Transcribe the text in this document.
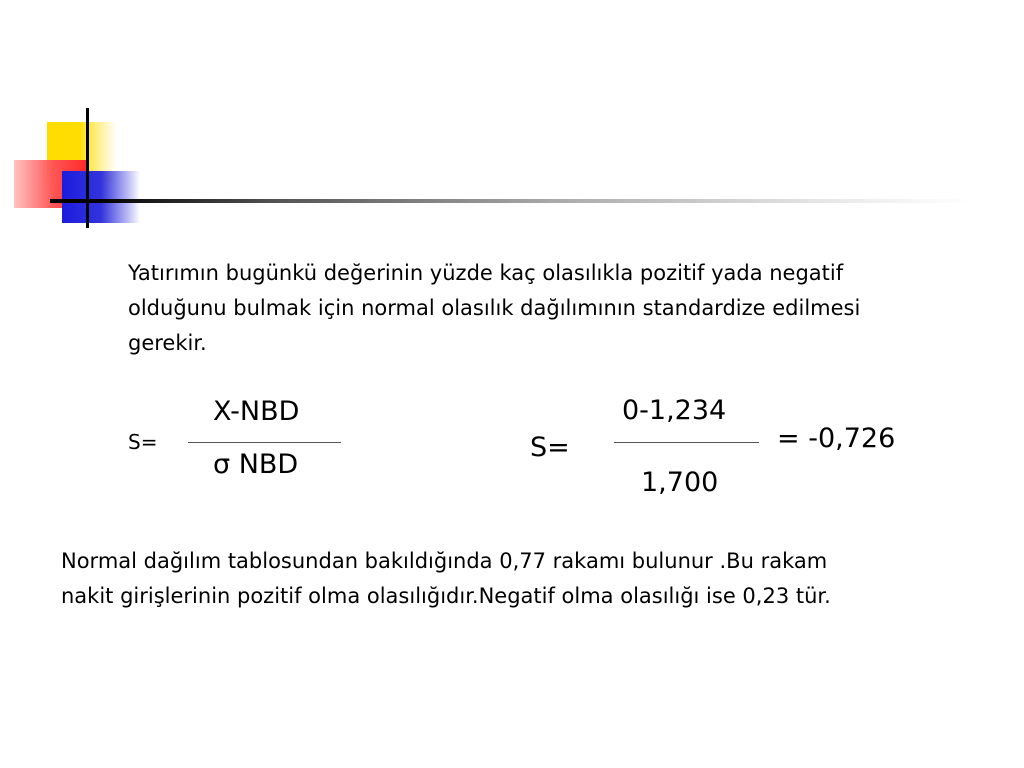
Yatırımın bugünkü değerinin yüzde kaç olasılıkla pozitif yada negatif

olduğunu bulmak için normal olasılık dağılımının standardize edilmesi

gerekir.

S=
X-NBD
σ NBD
S=
0-1,234
1,700
= -0,726

Normal dağılım tablosundan bakıldığında 0,77 rakamı bulunur .Bu rakam

nakit girişlerinin pozitif olma olasılığıdır.Negatif olma olasılığı ise 0,23 tür.
